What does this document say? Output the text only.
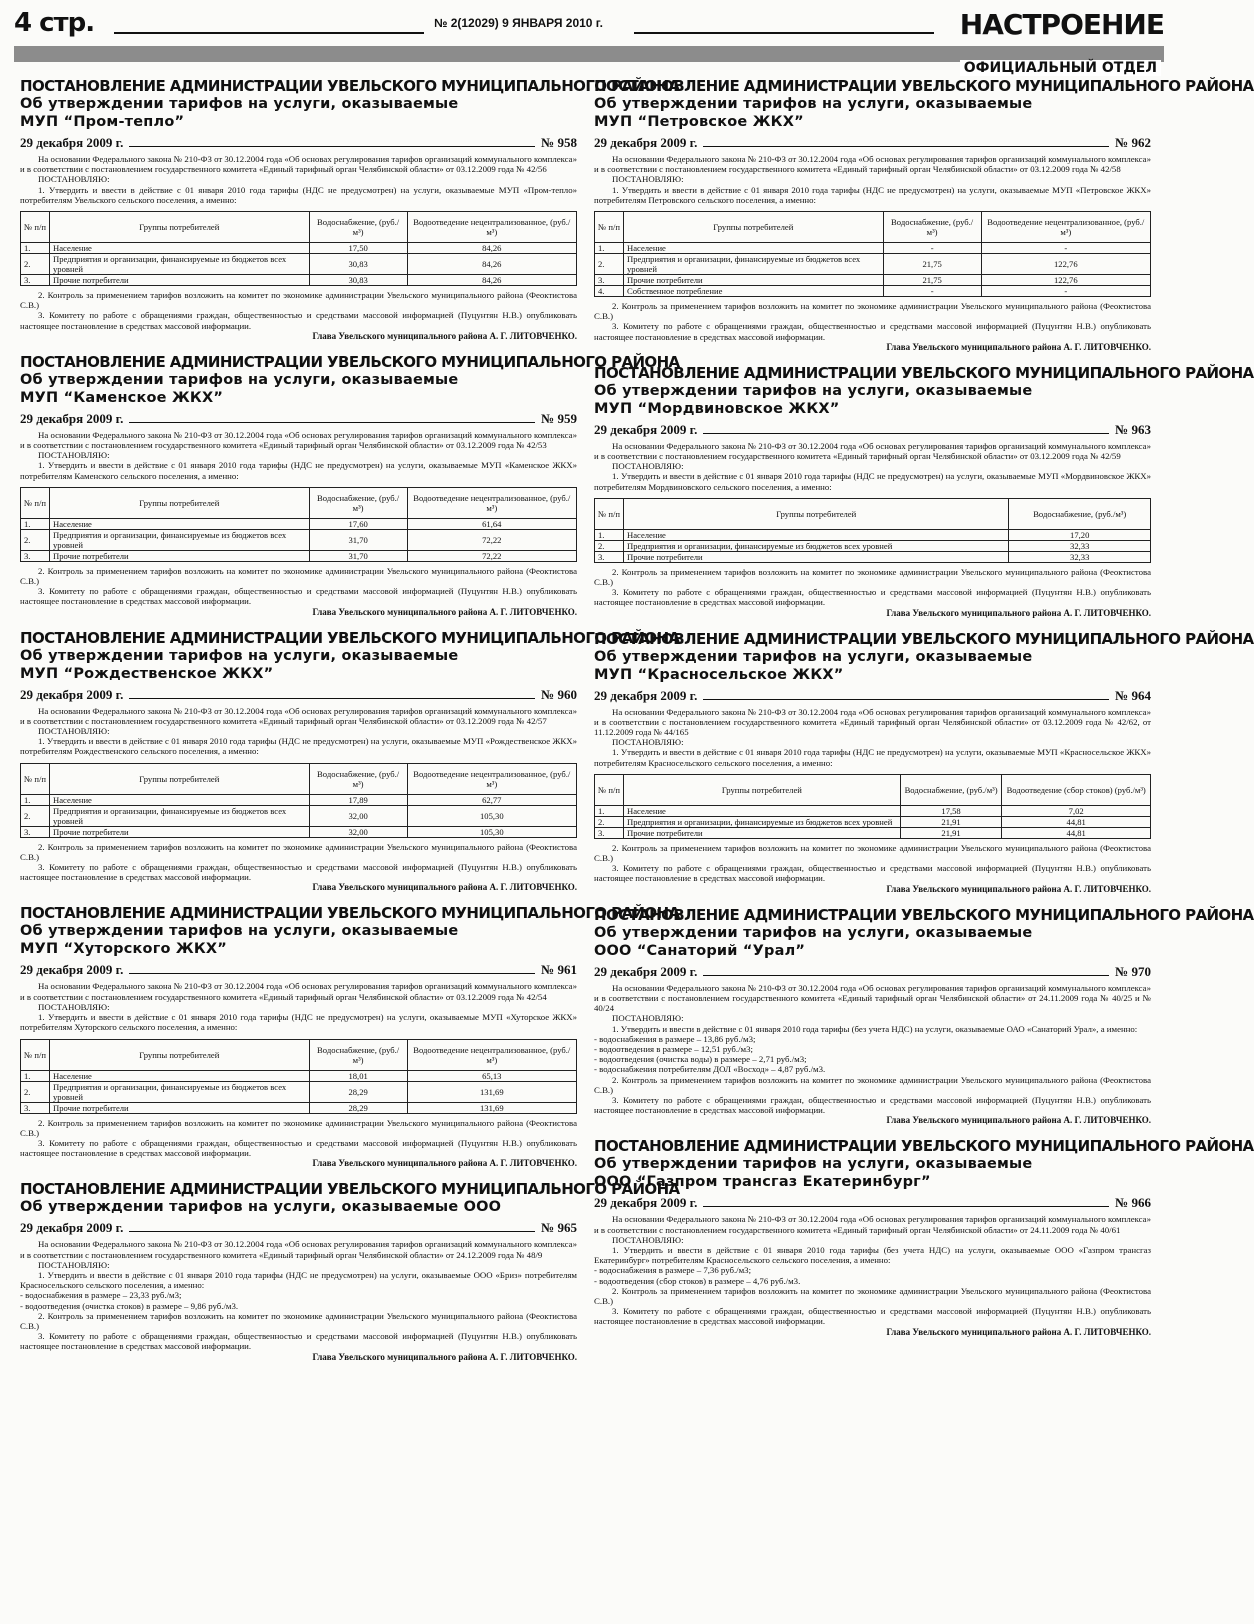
4 стр.	№ 2(12029) 9 ЯНВАРЯ 2010 г.	НАСТРОЕНИЕ
ОФИЦИАЛЬНЫЙ ОТДЕЛ
ПОСТАНОВЛЕНИЕ АДМИНИСТРАЦИИ УВЕЛЬСКОГО МУНИЦИПАЛЬНОГО РАЙОНА
Об утверждении тарифов на услуги, оказываемые
МУП “Пром-тепло”
29 декабря 2009 г.	№ 958

На основании Федерального закона № 210-ФЗ от 30.12.2004 года «Об основах регулирования тарифов организаций коммунального комплекса» и в соответствии с постановлением государственного комитета «Единый тарифный орган Челябинской области» от 03.12.2009 года № 42/56

ПОСТАНОВЛЯЮ:

1. Утвердить и ввести в действие с 01 января 2010 года тарифы (НДС не предусмотрен) на услуги, оказываемые МУП «Пром-тепло» потребителям Увельского сельского поселения, а именно:

№ п/п	Группы потребителей	Водоснабжение, (руб./м³)	Водоотведение нецентрализованное, (руб./м³)
1.	Население	17,50	84,26
2.	Предприятия и организации, финансируемые из бюджетов всех уровней	30,83	84,26
3.	Прочие потребители	30,83	84,26

2. Контроль за применением тарифов возложить на комитет по экономике администрации Увельского муниципального района (Феоктистова С.В.)

3. Комитету по работе с обращениями граждан, общественностью и средствами массовой информацией (Пуцунтян Н.В.) опубликовать настоящее постановление в средствах массовой информации.

Глава Увельского муниципального района А. Г. ЛИТОВЧЕНКО.
ПОСТАНОВЛЕНИЕ АДМИНИСТРАЦИИ УВЕЛЬСКОГО МУНИЦИПАЛЬНОГО РАЙОНА
Об утверждении тарифов на услуги, оказываемые
МУП “Каменское ЖКХ”
29 декабря 2009 г.	№ 959

На основании Федерального закона № 210-ФЗ от 30.12.2004 года «Об основах регулирования тарифов организаций коммунального комплекса» и в соответствии с постановлением государственного комитета «Единый тарифный орган Челябинской области» от 03.12.2009 года № 42/53

ПОСТАНОВЛЯЮ:

1. Утвердить и ввести в действие с 01 января 2010 года тарифы (НДС не предусмотрен) на услуги, оказываемые МУП «Каменское ЖКХ» потребителям Каменского сельского поселения, а именно:

№ п/п	Группы потребителей	Водоснабжение, (руб./м³)	Водоотведение нецентрализованное, (руб./м³)
1.	Население	17,60	61,64
2.	Предприятия и организации, финансируемые из бюджетов всех уровней	31,70	72,22
3.	Прочие потребители	31,70	72,22

2. Контроль за применением тарифов возложить на комитет по экономике администрации Увельского муниципального района (Феоктистова С.В.)

3. Комитету по работе с обращениями граждан, общественностью и средствами массовой информацией (Пуцунтян Н.В.) опубликовать настоящее постановление в средствах массовой информации.

Глава Увельского муниципального района А. Г. ЛИТОВЧЕНКО.
ПОСТАНОВЛЕНИЕ АДМИНИСТРАЦИИ УВЕЛЬСКОГО МУНИЦИПАЛЬНОГО РАЙОНА
Об утверждении тарифов на услуги, оказываемые
МУП “Рождественское ЖКХ”
29 декабря 2009 г.	№ 960

На основании Федерального закона № 210-ФЗ от 30.12.2004 года «Об основах регулирования тарифов организаций коммунального комплекса» и в соответствии с постановлением государственного комитета «Единый тарифный орган Челябинской области» от 03.12.2009 года № 42/57

ПОСТАНОВЛЯЮ:

1. Утвердить и ввести в действие с 01 января 2010 года тарифы (НДС не предусмотрен) на услуги, оказываемые МУП «Рождественское ЖКХ» потребителям Рождественского сельского поселения, а именно:

№ п/п	Группы потребителей	Водоснабжение, (руб./м³)	Водоотведение нецентрализованное, (руб./м³)
1.	Население	17,89	62,77
2.	Предприятия и организации, финансируемые из бюджетов всех уровней	32,00	105,30
3.	Прочие потребители	32,00	105,30

2. Контроль за применением тарифов возложить на комитет по экономике администрации Увельского муниципального района (Феоктистова С.В.)

3. Комитету по работе с обращениями граждан, общественностью и средствами массовой информацией (Пуцунтян Н.В.) опубликовать настоящее постановление в средствах массовой информации.

Глава Увельского муниципального района А. Г. ЛИТОВЧЕНКО.
ПОСТАНОВЛЕНИЕ АДМИНИСТРАЦИИ УВЕЛЬСКОГО МУНИЦИПАЛЬНОГО РАЙОНА
Об утверждении тарифов на услуги, оказываемые
МУП “Хуторского ЖКХ”
29 декабря 2009 г.	№ 961

На основании Федерального закона № 210-ФЗ от 30.12.2004 года «Об основах регулирования тарифов организаций коммунального комплекса» и в соответствии с постановлением государственного комитета «Единый тарифный орган Челябинской области» от 03.12.2009 года № 42/54

ПОСТАНОВЛЯЮ:

1. Утвердить и ввести в действие с 01 января 2010 года тарифы (НДС не предусмотрен) на услуги, оказываемые МУП «Хуторское ЖКХ» потребителям Хуторского сельского поселения, а именно:

№ п/п	Группы потребителей	Водоснабжение, (руб./м³)	Водоотведение нецентрализованное, (руб./м³)
1.	Население	18,01	65,13
2.	Предприятия и организации, финансируемые из бюджетов всех уровней	28,29	131,69
3.	Прочие потребители	28,29	131,69

2. Контроль за применением тарифов возложить на комитет по экономике администрации Увельского муниципального района (Феоктистова С.В.)

3. Комитету по работе с обращениями граждан, общественностью и средствами массовой информацией (Пуцунтян Н.В.) опубликовать настоящее постановление в средствах массовой информации.

Глава Увельского муниципального района А. Г. ЛИТОВЧЕНКО.
ПОСТАНОВЛЕНИЕ АДМИНИСТРАЦИИ УВЕЛЬСКОГО МУНИЦИПАЛЬНОГО РАЙОНА
Об утверждении тарифов на услуги, оказываемые ООО
29 декабря 2009 г.	№ 965

На основании Федерального закона № 210-ФЗ от 30.12.2004 года «Об основах регулирования тарифов организаций коммунального комплекса» и в соответствии с постановлением государственного комитета «Единый тарифный орган Челябинской области» от 24.12.2009 года № 48/9

ПОСТАНОВЛЯЮ:

1. Утвердить и ввести в действие с 01 января 2010 года тарифы (НДС не предусмотрен) на услуги, оказываемые ООО «Бриз» потребителям Красносельского сельского поселения, а именно:

- водоснабжения в размере – 23,33 руб./м3;

- водоотведения (очистка стоков) в размере – 9,86 руб./м3.

2. Контроль за применением тарифов возложить на комитет по экономике администрации Увельского муниципального района (Феоктистова С.В.)

3. Комитету по работе с обращениями граждан, общественностью и средствами массовой информацией (Пуцунтян Н.В.) опубликовать настоящее постановление в средствах массовой информации.

Глава Увельского муниципального района А. Г. ЛИТОВЧЕНКО.
ПОСТАНОВЛЕНИЕ АДМИНИСТРАЦИИ УВЕЛЬСКОГО МУНИЦИПАЛЬНОГО РАЙОНА
Об утверждении тарифов на услуги, оказываемые
МУП “Петровское ЖКХ”
29 декабря 2009 г.	№ 962

На основании Федерального закона № 210-ФЗ от 30.12.2004 года «Об основах регулирования тарифов организаций коммунального комплекса» и в соответствии с постановлением государственного комитета «Единый тарифный орган Челябинской области» от 03.12.2009 года № 42/58

ПОСТАНОВЛЯЮ:

1. Утвердить и ввести в действие с 01 января 2010 года тарифы (НДС не предусмотрен) на услуги, оказываемые МУП «Петровское ЖКХ» потребителям Петровского сельского поселения, а именно:

№ п/п	Группы потребителей	Водоснабжение, (руб./м³)	Водоотведение нецентрализованное, (руб./м³)
1.	Население	-	-
2.	Предприятия и организации, финансируемые из бюджетов всех уровней	21,75	122,76
3.	Прочие потребители	21,75	122,76
4.	Собственное потребление	-	-

2. Контроль за применением тарифов возложить на комитет по экономике администрации Увельского муниципального района (Феоктистова С.В.)

3. Комитету по работе с обращениями граждан, общественностью и средствами массовой информацией (Пуцунтян Н.В.) опубликовать настоящее постановление в средствах массовой информации.

Глава Увельского муниципального района А. Г. ЛИТОВЧЕНКО.
ПОСТАНОВЛЕНИЕ АДМИНИСТРАЦИИ УВЕЛЬСКОГО МУНИЦИПАЛЬНОГО РАЙОНА
Об утверждении тарифов на услуги, оказываемые
МУП “Мордвиновское ЖКХ”
29 декабря 2009 г.	№ 963

На основании Федерального закона № 210-ФЗ от 30.12.2004 года «Об основах регулирования тарифов организаций коммунального комплекса» и в соответствии с постановлением государственного комитета «Единый тарифный орган Челябинской области» от 03.12.2009 года № 42/59

ПОСТАНОВЛЯЮ:

1. Утвердить и ввести в действие с 01 января 2010 года тарифы (НДС не предусмотрен) на услуги, оказываемые МУП «Мордвиновское ЖКХ» потребителям Мордвиновского сельского поселения, а именно:

№ п/п	Группы потребителей	Водоснабжение, (руб./м³)
1.	Население	17,20
2.	Предприятия и организации, финансируемые из бюджетов всех уровней	32,33
3.	Прочие потребители	32,33

2. Контроль за применением тарифов возложить на комитет по экономике администрации Увельского муниципального района (Феоктистова С.В.)

3. Комитету по работе с обращениями граждан, общественностью и средствами массовой информацией (Пуцунтян Н.В.) опубликовать настоящее постановление в средствах массовой информации.

Глава Увельского муниципального района А. Г. ЛИТОВЧЕНКО.
ПОСТАНОВЛЕНИЕ АДМИНИСТРАЦИИ УВЕЛЬСКОГО МУНИЦИПАЛЬНОГО РАЙОНА
Об утверждении тарифов на услуги, оказываемые
МУП “Красносельское ЖКХ”
29 декабря 2009 г.	№ 964

На основании Федерального закона № 210-ФЗ от 30.12.2004 года «Об основах регулирования тарифов организаций коммунального комплекса» и в соответствии с постановлением государственного комитета «Единый тарифный орган Челябинской области» от 03.12.2009 года № 42/62, от 11.12.2009 года № 44/165

ПОСТАНОВЛЯЮ:

1. Утвердить и ввести в действие с 01 января 2010 года тарифы (НДС не предусмотрен) на услуги, оказываемые МУП «Красносельское ЖКХ» потребителям Красносельского сельского поселения, а именно:

№ п/п	Группы потребителей	Водоснабжение, (руб./м³)	Водоотведение (сбор стоков) (руб./м³)
1.	Население	17,58	7,02
2.	Предприятия и организации, финансируемые из бюджетов всех уровней	21,91	44,81
3.	Прочие потребители	21,91	44,81

2. Контроль за применением тарифов возложить на комитет по экономике администрации Увельского муниципального района (Феоктистова С.В.)

3. Комитету по работе с обращениями граждан, общественностью и средствами массовой информацией (Пуцунтян Н.В.) опубликовать настоящее постановление в средствах массовой информации.

Глава Увельского муниципального района А. Г. ЛИТОВЧЕНКО.
ПОСТАНОВЛЕНИЕ АДМИНИСТРАЦИИ УВЕЛЬСКОГО МУНИЦИПАЛЬНОГО РАЙОНА
Об утверждении тарифов на услуги, оказываемые
ООО “Санаторий “Урал”
29 декабря 2009 г.	№ 970

На основании Федерального закона № 210-ФЗ от 30.12.2004 года «Об основах регулирования тарифов организаций коммунального комплекса» и в соответствии с постановлением государственного комитета «Единый тарифный орган Челябинской области» от 24.11.2009 года № 40/25 и № 40/24

ПОСТАНОВЛЯЮ:

1. Утвердить и ввести в действие с 01 января 2010 года тарифы (без учета НДС) на услуги, оказываемые ОАО «Санаторий Урал», а именно:

- водоснабжения в размере – 13,86 руб./м3;

- водоотведения в размере – 12,51 руб./м3;

- водоотведения (очистка воды) в размере – 2,71 руб./м3;

- водоснабжения потребителям ДОЛ «Восход» – 4,87 руб./м3.

2. Контроль за применением тарифов возложить на комитет по экономике администрации Увельского муниципального района (Феоктистова С.В.)

3. Комитету по работе с обращениями граждан, общественностью и средствами массовой информацией (Пуцунтян Н.В.) опубликовать настоящее постановление в средствах массовой информации.

Глава Увельского муниципального района А. Г. ЛИТОВЧЕНКО.
ПОСТАНОВЛЕНИЕ АДМИНИСТРАЦИИ УВЕЛЬСКОГО МУНИЦИПАЛЬНОГО РАЙОНА
Об утверждении тарифов на услуги, оказываемые
ООО “Газпром трансгаз Екатеринбург”
29 декабря 2009 г.	№ 966

На основании Федерального закона № 210-ФЗ от 30.12.2004 года «Об основах регулирования тарифов организаций коммунального комплекса» и в соответствии с постановлением государственного комитета «Единый тарифный орган Челябинской области» от 24.11.2009 года № 40/61

ПОСТАНОВЛЯЮ:

1. Утвердить и ввести в действие с 01 января 2010 года тарифы (без учета НДС) на услуги, оказываемые ООО «Газпром трансгаз Екатеринбург» потребителям Красносельского сельского поселения, а именно:

- водоснабжения в размере – 7,36 руб./м3;

- водоотведения (сбор стоков) в размере – 4,76 руб./м3.

2. Контроль за применением тарифов возложить на комитет по экономике администрации Увельского муниципального района (Феоктистова С.В.)

3. Комитету по работе с обращениями граждан, общественностью и средствами массовой информацией (Пуцунтян Н.В.) опубликовать настоящее постановление в средствах массовой информации.

Глава Увельского муниципального района А. Г. ЛИТОВЧЕНКО.
